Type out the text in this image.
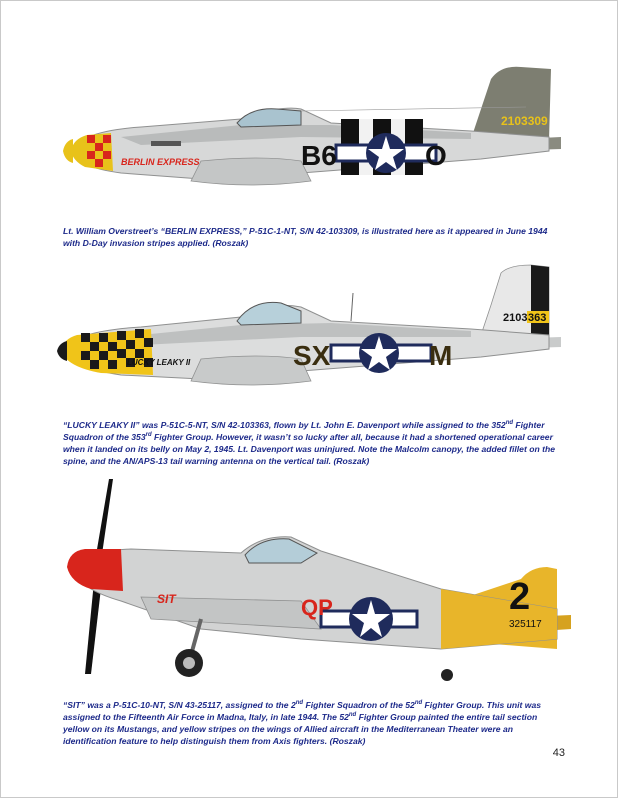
BERLIN EXPRESS	B6	O
2103309
Lt. William Overstreet’s “BERLIN EXPRESS,” P-51C-1-NT, S/N 42-103309, is illustrated here as it appeared in June 1944 with D-Day invasion stripes applied. (Roszak)
LUCKY LEAKY II	SX	M
2103 363
“LUCKY LEAKY II” was P-51C-5-NT, S/N 42-103363, flown by Lt. John E. Davenport while assigned to the 352nd Fighter Squadron of the 353rd Fighter Group. However, it wasn’t so lucky after all, because it had a shortened operational career when it landed on its belly on May 2, 1945. Lt. Davenport was uninjured. Note the Malcolm canopy, the added fillet on the spine, and the AN/APS-13 tail warning antenna on the vertical tail. (Roszak)
SIT	QP	2
325117
“SIT” was a P-51C-10-NT, S/N 43-25117, assigned to the 2nd Fighter Squadron of the 52nd Fighter Group. This unit was assigned to the Fifteenth Air Force in Madna, Italy, in late 1944. The 52nd Fighter Group painted the entire tail section yellow on its Mustangs, and yellow stripes on the wings of Allied aircraft in the Mediterranean Theater were an identification feature to help distinguish them from Axis fighters. (Roszak)
43
